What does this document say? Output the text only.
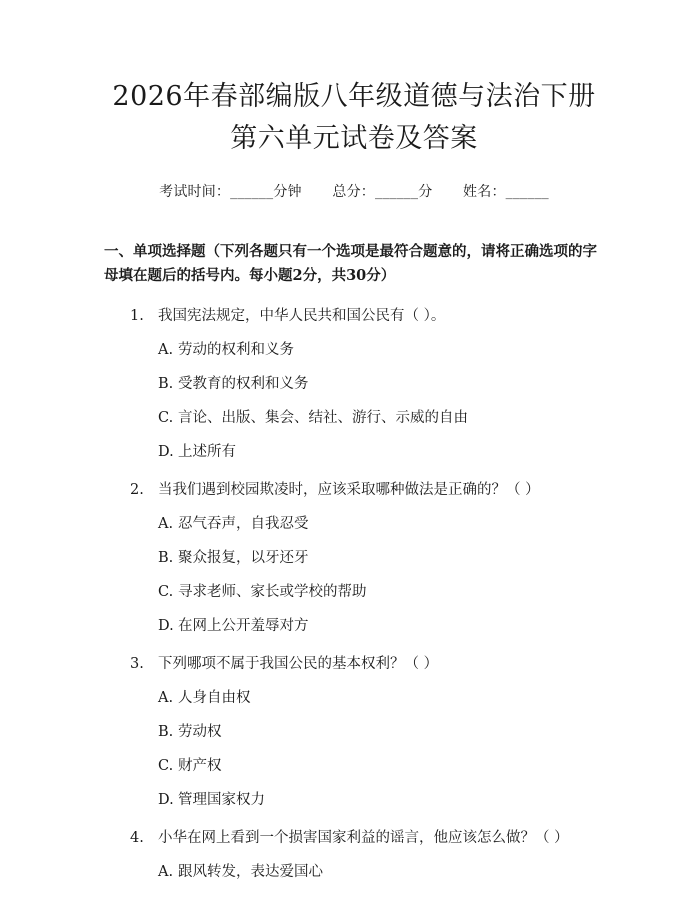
2026年春部编版八年级道德与法治下册第六单元试卷及答案
考试时间：______分钟 总分：______分 姓名：______
一、单项选择题（下列各题只有一个选项是最符合题意的，请将正确选项的字母填在题后的括号内。每小题2分，共30分）
1. 我国宪法规定，中华人民共和国公民有（ ）。
A. 劳动的权利和义务
B. 受教育的权利和义务
C. 言论、出版、集会、结社、游行、示威的自由
D. 上述所有
2. 当我们遇到校园欺凌时，应该采取哪种做法是正确的？（ ）
A. 忍气吞声，自我忍受
B. 聚众报复，以牙还牙
C. 寻求老师、家长或学校的帮助
D. 在网上公开羞辱对方
3. 下列哪项不属于我国公民的基本权利？（ ）
A. 人身自由权
B. 劳动权
C. 财产权
D. 管理国家权力
4. 小华在网上看到一个损害国家利益的谣言，他应该怎么做？（ ）
A. 跟风转发，表达爱国心
